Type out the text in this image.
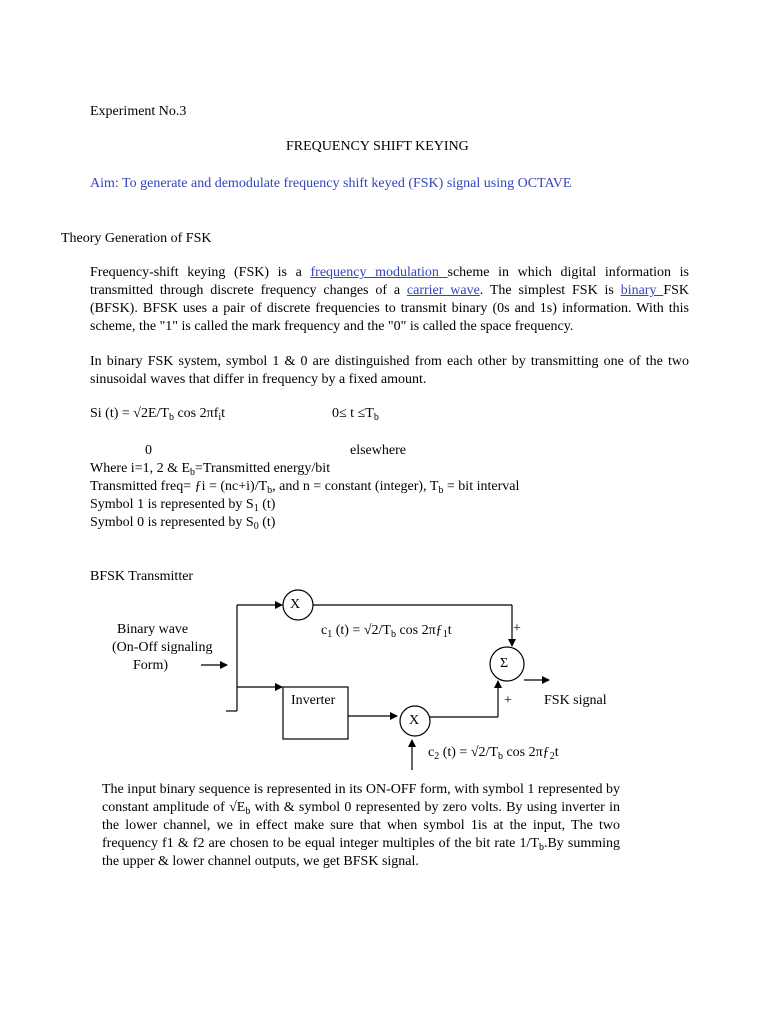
Experiment No.3
FREQUENCY SHIFT KEYING
Aim: To generate and demodulate frequency shift keyed (FSK) signal using OCTAVE
Theory Generation of FSK
Frequency-shift keying (FSK) is a frequency modulation scheme in which digital information is transmitted through discrete frequency changes of a carrier wave. The simplest FSK is binary FSK (BFSK). BFSK uses a pair of discrete frequencies to transmit binary (0s and 1s) information. With this scheme, the "1" is called the mark frequency and the "0" is called the space frequency.
In binary FSK system, symbol 1 & 0 are distinguished from each other by transmitting one of the two sinusoidal waves that differ in frequency by a fixed amount.
Si $(t) = √2E/T_b$ $\cos 2\pi f_it$	$0\le t \le T_b$
0	elsewhere
Where i=1, 2 & $E_b=Transmitted$ energy/bit
Transmitted freq= ƒi = $(nc+i)/T_b$, and n = constant (integer), $T_b$ = bit interval
Symbol 1 is represented by $S_1$ (t)
Symbol 0 is represented by $S_0$ (t)
BFSK Transmitter
X
X
Σ
Inverter
Binary wave
(On-Off signaling
Form)
$c_1$ $(t) = √2/T_b$ $\cos 2\pi ƒ_1t$
$c_2$ $(t) = √2/T_b$ $\cos 2\pi ƒ_2t$
+
+ FSK signal
The input binary sequence is represented in its ON-OFF form, with symbol 1 represented by constant amplitude of $√E_b$ with & symbol 0 represented by zero volts. By using inverter in the lower channel, we in effect make sure that when symbol 1is at the input, The two frequency f1 & f2 are chosen to be equal integer multiples of the bit rate $1/T_b.By$ summing the upper & lower channel outputs, we get BFSK signal.
